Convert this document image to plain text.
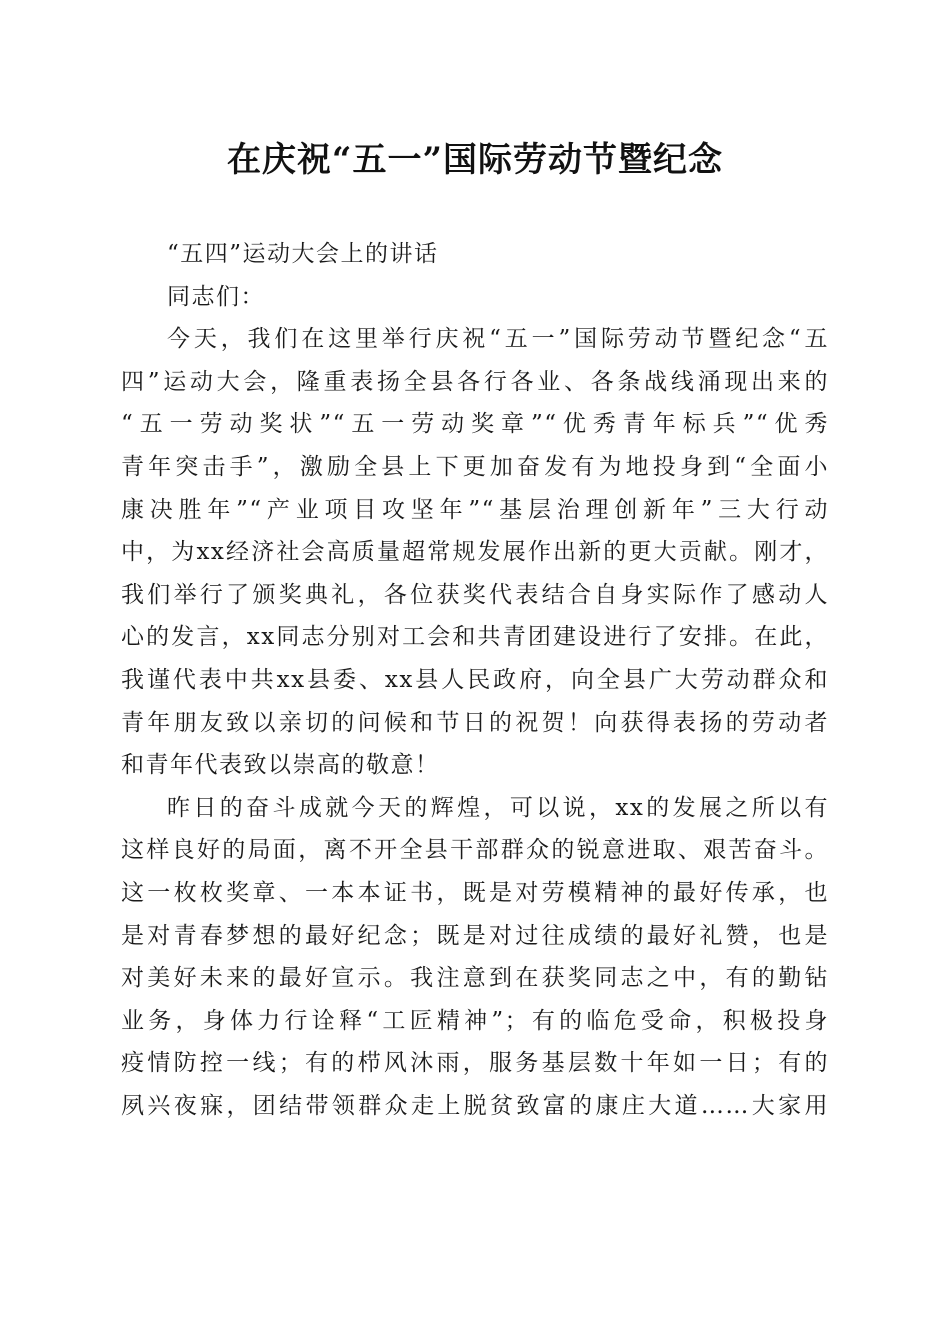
在庆祝“五一”国际劳动节暨纪念

“五四”运动大会上的讲话

同志们：

今天，我们在这里举行庆祝“五一”国际劳动节暨纪念“五
四”运动大会，隆重表扬全县各行各业、各条战线涌现出来的
“五一劳动奖状”“五一劳动奖章”“优秀青年标兵”“优秀
青年突击手”，激励全县上下更加奋发有为地投身到“全面小
康决胜年”“产业项目攻坚年”“基层治理创新年”三大行动
中，为xx经济社会高质量超常规发展作出新的更大贡献。刚才，
我们举行了颁奖典礼，各位获奖代表结合自身实际作了感动人
心的发言，xx同志分别对工会和共青团建设进行了安排。在此，
我谨代表中共xx县委、xx县人民政府，向全县广大劳动群众和
青年朋友致以亲切的问候和节日的祝贺！向获得表扬的劳动者
和青年代表致以崇高的敬意！
昨日的奋斗成就今天的辉煌，可以说，xx的发展之所以有
这样良好的局面，离不开全县干部群众的锐意进取、艰苦奋斗。
这一枚枚奖章、一本本证书，既是对劳模精神的最好传承，也
是对青春梦想的最好纪念；既是对过往成绩的最好礼赞，也是
对美好未来的最好宣示。我注意到在获奖同志之中，有的勤钻
业务，身体力行诠释“工匠精神”；有的临危受命，积极投身
疫情防控一线；有的栉风沐雨，服务基层数十年如一日；有的
夙兴夜寐，团结带领群众走上脱贫致富的康庄大道……大家用
